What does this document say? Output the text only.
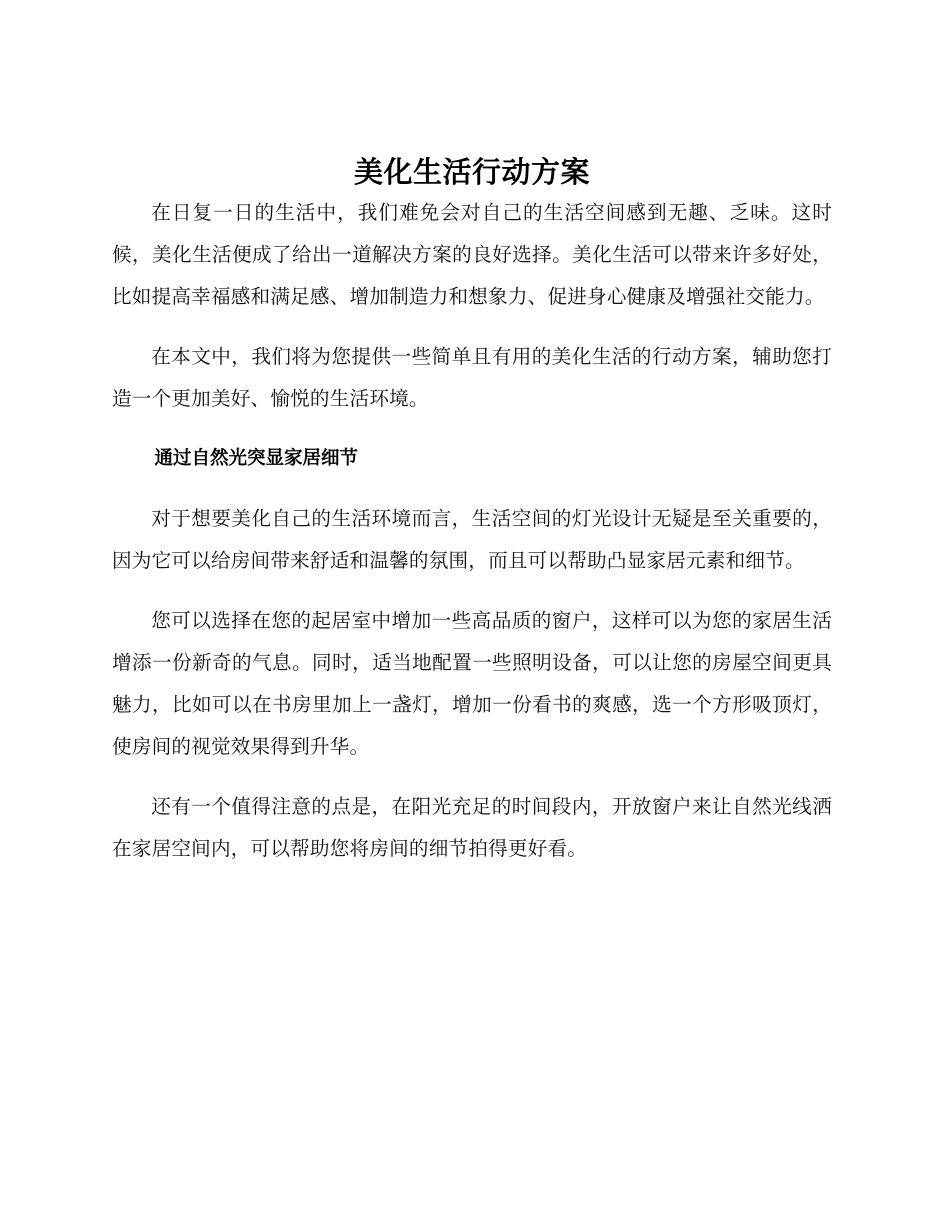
美化生活行动方案

在日复一日的生活中，我们难免会对自己的生活空间感到无趣、乏味。这时候，美化生活便成了给出一道解决方案的良好选择。美化生活可以带来许多好处，比如提高幸福感和满足感、增加制造力和想象力、促进身心健康及增强社交能力。

在本文中，我们将为您提供一些简单且有用的美化生活的行动方案，辅助您打造一个更加美好、愉悦的生活环境。

通过自然光突显家居细节

对于想要美化自己的生活环境而言，生活空间的灯光设计无疑是至关重要的，因为它可以给房间带来舒适和温馨的氛围，而且可以帮助凸显家居元素和细节。

您可以选择在您的起居室中增加一些高品质的窗户，这样可以为您的家居生活增添一份新奇的气息。同时，适当地配置一些照明设备，可以让您的房屋空间更具魅力，比如可以在书房里加上一盏灯，增加一份看书的爽感，选一个方形吸顶灯，使房间的视觉效果得到升华。

还有一个值得注意的点是，在阳光充足的时间段内，开放窗户来让自然光线洒在家居空间内，可以帮助您将房间的细节拍得更好看。
